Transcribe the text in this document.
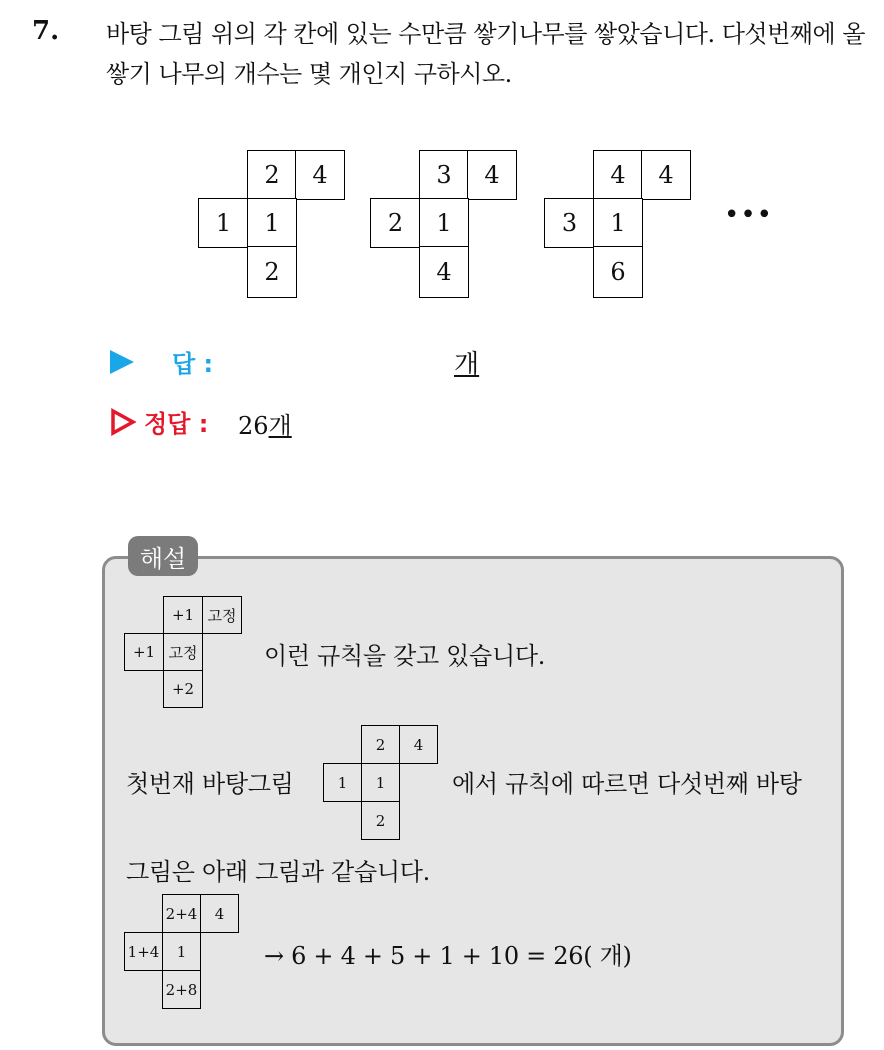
7. 바탕 그림 위의 각 칸에 있는 수만큼 쌓기나무를 쌓았습니다. 다섯번째에 올 쌓기 나무의 개수는 몇 개인지 구하시오.
2	4
1	1
2
3	4
2	1
4
4	4
3	1
6
•••
답 :	개
정답 : 26개
해설
+1 고정
+1 고정
+2
이런 규칙을 갖고 있습니다.
첫번재 바탕그림
2	4
1	1
2
에서 규칙에 따르면 다섯번째 바탕
그림은 아래 그림과 같습니다.
2+4	4
1+4	1
2+8
→ 6 + 4 + 5 + 1 + 10 = 26( 개)
